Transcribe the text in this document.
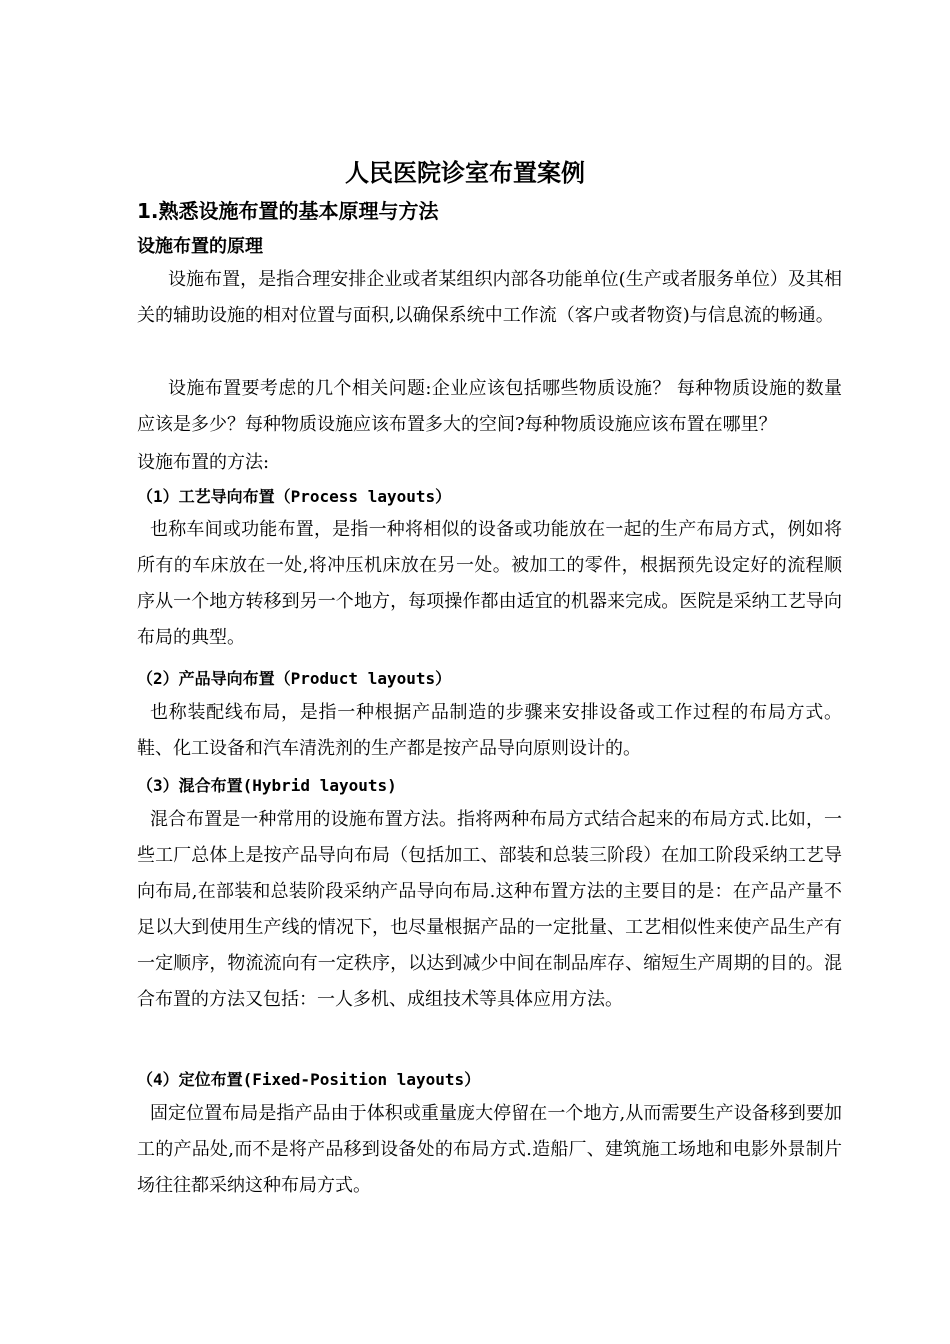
人民医院诊室布置案例
1.熟悉设施布置的基本原理与方法
设施布置的原理

设施布置，是指合理安排企业或者某组织内部各功能单位(生产或者服务单位）及其相关的辅助设施的相对位置与面积,以确保系统中工作流（客户或者物资)与信息流的畅通。

设施布置要考虑的几个相关问题:企业应该包括哪些物质设施？ 每种物质设施的数量应该是多少？每种物质设施应该布置多大的空间?每种物质设施应该布置在哪里？

设施布置的方法:

（1）工艺导向布置（Process layouts）

也称车间或功能布置，是指一种将相似的设备或功能放在一起的生产布局方式，例如将所有的车床放在一处,将冲压机床放在另一处。被加工的零件，根据预先设定好的流程顺序从一个地方转移到另一个地方，每项操作都由适宜的机器来完成。医院是采纳工艺导向布局的典型。

（2）产品导向布置（Product layouts）

也称装配线布局，是指一种根据产品制造的步骤来安排设备或工作过程的布局方式。鞋、化工设备和汽车清洗剂的生产都是按产品导向原则设计的。

（3）混合布置(Hybrid layouts)

混合布置是一种常用的设施布置方法。指将两种布局方式结合起来的布局方式.比如，一些工厂总体上是按产品导向布局（包括加工、部装和总装三阶段）在加工阶段采纳工艺导向布局,在部装和总装阶段采纳产品导向布局.这种布置方法的主要目的是：在产品产量不足以大到使用生产线的情况下，也尽量根据产品的一定批量、工艺相似性来使产品生产有一定顺序，物流流向有一定秩序，以达到减少中间在制品库存、缩短生产周期的目的。混合布置的方法又包括：一人多机、成组技术等具体应用方法。

（4）定位布置(Fixed-Position layouts）

固定位置布局是指产品由于体积或重量庞大停留在一个地方,从而需要生产设备移到要加工的产品处,而不是将产品移到设备处的布局方式.造船厂、建筑施工场地和电影外景制片场往往都采纳这种布局方式。
